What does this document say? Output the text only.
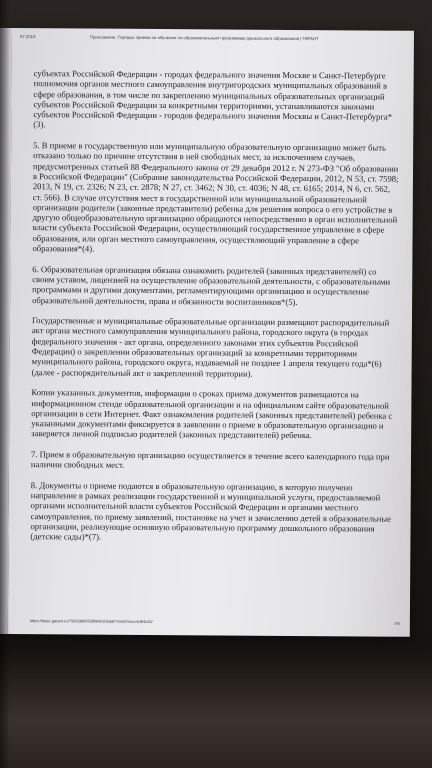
07.2019	Приложение. Порядок приема на обучение по образовательным программам дошкольного образования | ГАРАНТ

субъектах Российской Федерации - городах федерального значения Москве и Санкт-Петербурге полномочия органов местного самоуправления внутригородских муниципальных образований в сфере образования, в том числе по закреплению муниципальных образовательных организаций субъектов Российской Федерации за конкретными территориями, устанавливаются законами субъектов Российской Федерации - городов федерального значения Москвы и Санкт-Петербурга*(3).

5. В приеме в государственную или муниципальную образовательную организацию может быть отказано только по причине отсутствия в ней свободных мест, за исключением случаев, предусмотренных статьей 88 Федерального закона от 29 декабря 2012 г. N 273-ФЗ "Об образовании в Российской Федерации" (Собрание законодательства Российской Федерации, 2012, N 53, ст. 7598; 2013, N 19, ст. 2326; N 23, ст. 2878; N 27, ст. 3462; N 30, ст. 4036; N 48, ст. 6165; 2014, N 6, ст. 562, ст. 566). В случае отсутствия мест в государственной или муниципальной образовательной организации родители (законные представители) ребенка для решения вопроса о его устройстве в другую общеобразовательную организацию обращаются непосредственно в орган исполнительной власти субъекта Российской Федерации, осуществляющий государственное управление в сфере образования, или орган местного самоуправления, осуществляющий управление в сфере образования*(4).

6. Образовательная организация обязана ознакомить родителей (законных представителей) со своим уставом, лицензией на осуществление образовательной деятельности, с образовательными программами и другими документами, регламентирующими организацию и осуществление образовательной деятельности, права и обязанности воспитанников*(5).

Государственные и муниципальные образовательные организации размещают распорядительный акт органа местного самоуправления муниципального района, городского округа (в городах федерального значения - акт органа, определенного законами этих субъектов Российской Федерации) о закреплении образовательных организаций за конкретными территориями муниципального района, городского округа, издаваемый не позднее 1 апреля текущего года*(6) (далее - распорядительный акт о закрепленной территории).

Копии указанных документов, информация о сроках приема документов размещаются на информационном стенде образовательной организации и на официальном сайте образовательной организации в сети Интернет. Факт ознакомления родителей (законных представителей) ребенка с указанными документами фиксируется в заявлении о приеме в образовательную организацию и заверяется личной подписью родителей (законных представителей) ребенка.

7. Прием в образовательную организацию осуществляется в течение всего календарного года при наличии свободных мест.

8. Документы о приеме подаются в образовательную организацию, в которую получено направление в рамках реализации государственной и муниципальной услуги, предоставляемой органами исполнительной власти субъектов Российской Федерации и органами местного самоуправления, по приему заявлений, постановке на учет и зачислению детей в образовательные организации, реализующие основную образовательную программу дошкольного образования (детские сады)*(7).

https://base.garant.ru/70653890/53f89421bbdaf741eb21ecc4d84c33/	2/6
